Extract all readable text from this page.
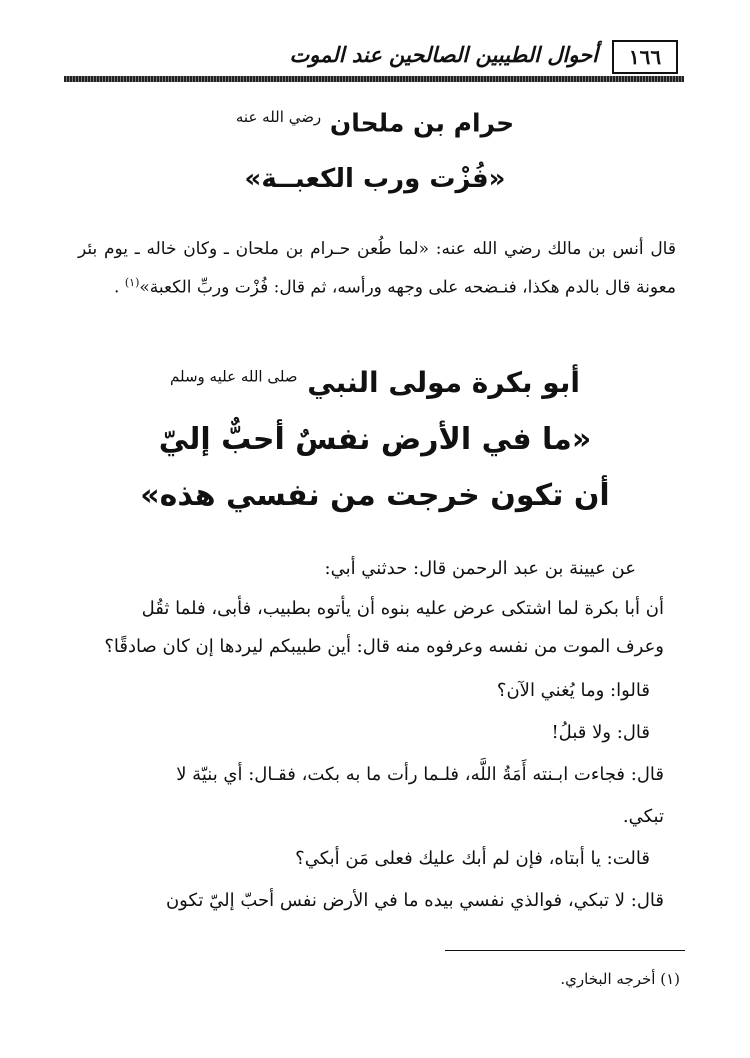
١٦٦
أحوال الطيبين الصالحين عند الموت
حرام بن ملحان $^{رضي الله عنه}$
«فُزْت ورب الكعبــة»
قال أنس بن مالك رضي الله عنه: «لما طُعن حـرام بن ملحان ـ وكان خاله ـ يوم بئر معونة قال بالدم هكذا، فنـضحه على وجهه ورأسه، ثم قال: فُزْت وربِّ الكعبة»$^{(١)}$ .
أبو بكرة مولى النبي $^{صلى الله عليه وسلم}$
«ما في الأرض نفسٌ أحبٌّ إليّ
أن تكون خرجت من نفسي هذه»
عن عيينة بن عبد الرحمن قال: حدثني أبي:
أن أبا بكرة لما اشتكى عرض عليه بنوه أن يأتوه بطبيب، فأبى، فلما ثقُل
وعرف الموت من نفسه وعرفوه منه قال: أين طبيبكم ليردها إن كان صادقًا؟
قالوا: وما يُغني الآن؟
قال: ولا قبلُ!
قال: فجاءت ابـنته أَمَةُ اللَّه، فلـما رأت ما به بكت، فقـال: أي بنيّة لا
تبكي.
قالت: يا أبتاه، فإن لم أبك عليك فعلى مَن أبكي؟
قال: لا تبكي، فوالذي نفسي بيده ما في الأرض نفس أحبّ إليّ تكون
(١) أخرجه البخاري.
